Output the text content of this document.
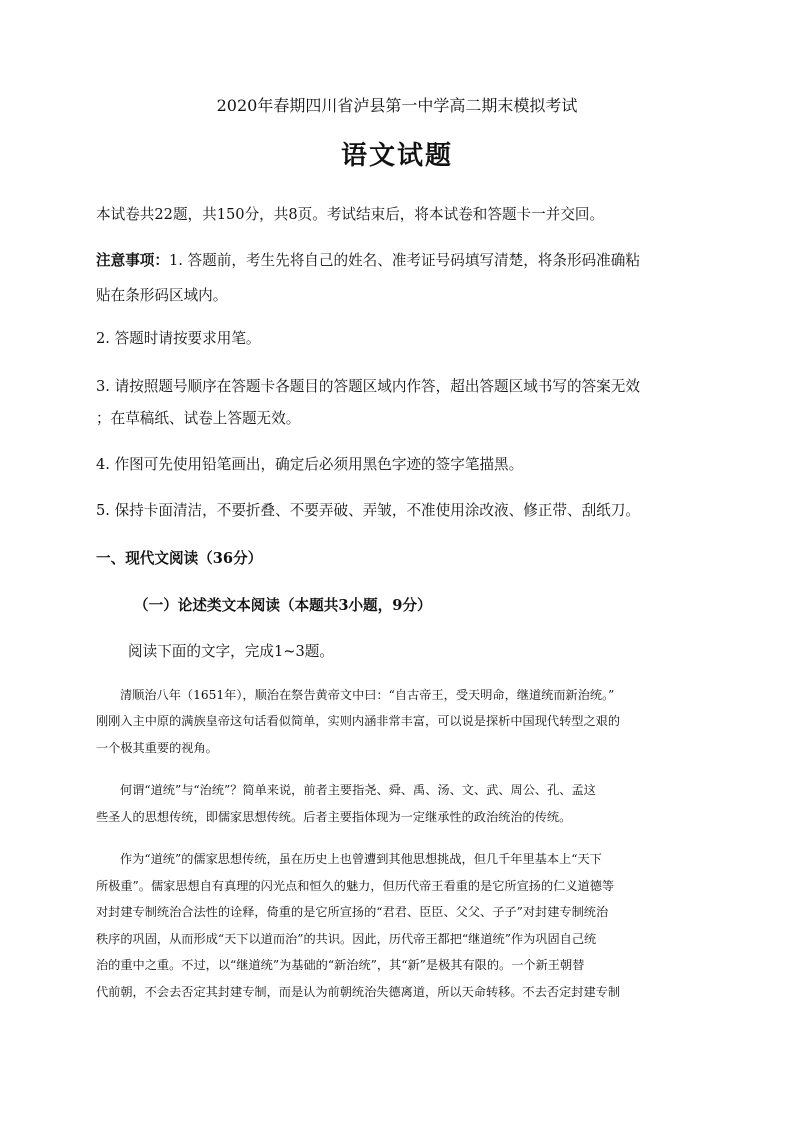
2020年春期四川省泸县第一中学高二期末模拟考试
语文试题
本试卷共22题，共150分，共8页。考试结束后，将本试卷和答题卡一并交回。
注意事项：1. 答题前，考生先将自己的姓名、准考证号码填写清楚，将条形码准确粘
贴在条形码区域内。
2. 答题时请按要求用笔。
3. 请按照题号顺序在答题卡各题目的答题区域内作答，超出答题区域书写的答案无效
；在草稿纸、试卷上答题无效。
4. 作图可先使用铅笔画出，确定后必须用黑色字迹的签字笔描黑。
5. 保持卡面清洁，不要折叠、不要弄破、弄皱，不准使用涂改液、修正带、刮纸刀。
一、现代文阅读（36分）
（一）论述类文本阅读（本题共3小题，9分）
阅读下面的文字，完成1~3题。
清顺治八年（1651年），顺治在祭告黄帝文中曰：“自古帝王，受天明命，继道统而新治统。”
刚刚入主中原的满族皇帝这句话看似简单，实则内涵非常丰富，可以说是探析中国现代转型之艰的
一个极其重要的视角。
何谓“道统”与“治统”？简单来说，前者主要指尧、舜、禹、汤、文、武、周公、孔、孟这
些圣人的思想传统，即儒家思想传统。后者主要指体现为一定继承性的政治统治的传统。
作为“道统”的儒家思想传统，虽在历史上也曾遭到其他思想挑战，但几千年里基本上“天下
所极重”。儒家思想自有真理的闪光点和恒久的魅力，但历代帝王看重的是它所宣扬的仁义道德等
对封建专制统治合法性的诠释，倚重的是它所宣扬的“君君、臣臣、父父、子子”对封建专制统治
秩序的巩固，从而形成“天下以道而治”的共识。因此，历代帝王都把“继道统”作为巩固自己统
治的重中之重。不过，以“继道统”为基础的“新治统”，其“新”是极其有限的。一个新王朝替
代前朝，不会去否定其封建专制，而是认为前朝统治失德离道，所以天命转移。不去否定封建专制
